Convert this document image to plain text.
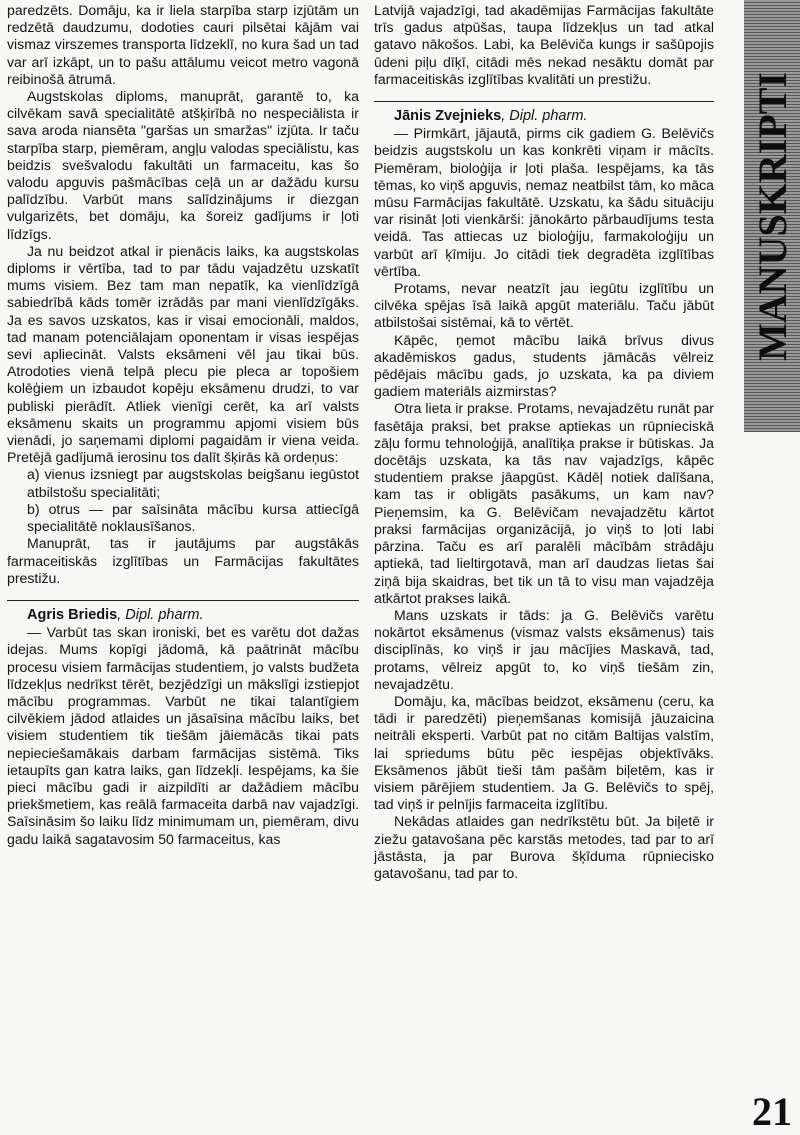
paredzēts. Domāju, ka ir liela starpība starp izjūtām un redzētā daudzumu, dodoties cauri pilsētai kājām vai vismaz virszemes transporta līdzeklī, no kura šad un tad var arī izkāpt, un to pašu attālumu veicot metro vagonā reibinošā ātrumā.

Augstskolas diploms, manuprāt, garantē to, ka cilvēkam savā specialitātē atšķirībā no nespeciālista ir sava aroda niansēta "garšas un smaržas" izjūta. Ir taču starpība starp, piemēram, angļu valodas speciālistu, kas beidzis svešvalodu fakultāti un farmaceitu, kas šo valodu apguvis pašmācības ceļā un ar dažādu kursu palīdzību. Varbūt mans salīdzinājums ir diezgan vulgarizēts, bet domāju, ka šoreiz gadījums ir ļoti līdzīgs.

Ja nu beidzot atkal ir pienācis laiks, ka augstskolas diploms ir vērtība, tad to par tādu vajadzētu uzskatīt mums visiem. Bez tam man nepatīk, ka vienlīdzīgā sabiedrībā kāds tomēr izrādās par mani vienlīdzīgāks. Ja es savos uzskatos, kas ir visai emocionāli, maldos, tad manam potenciālajam oponentam ir visas iespējas sevi apliecināt. Valsts eksāmeni vēl jau tikai būs. Atrodoties vienā telpā plecu pie pleca ar topošiem kolēģiem un izbaudot kopēju eksāmenu drudzi, to var publiski pierādīt. Atliek vienīgi cerēt, ka arī valsts eksāmenu skaits un programmu apjomi visiem būs vienādi, jo saņemami diplomi pagaidām ir viena veida. Pretējā gadījumā ierosinu tos dalīt šķirās kā ordeņus:

a) vienus izsniegt par augstskolas beigšanu iegūstot atbilstošu specialitāti;

b) otrus — par saīsināta mācību kursa attiecīgā specialitātē noklausīšanos.

Manuprāt, tas ir jautājums par augstākās farmaceitiskās izglītības un Farmācijas fakultātes prestižu.

Agris Briedis, Dipl. pharm.

— Varbūt tas skan ironiski, bet es varētu dot dažas idejas. Mums kopīgi jādomā, kā paātrināt mācību procesu visiem farmācijas studentiem, jo valsts budžeta līdzekļus nedrīkst tērēt, bezjēdzīgi un mākslīgi izstiepjot mācību programmas. Varbūt ne tikai talantīgiem cilvēkiem jādod atlaides un jāsaīsina mācību laiks, bet visiem studentiem tik tiešām jāiemācās tikai pats nepieciešamākais darbam farmācijas sistēmā. Tiks ietaupīts gan katra laiks, gan līdzekļi. Iespējams, ka šie pieci mācību gadi ir aizpildīti ar dažādiem mācību priekšmetiem, kas reālā farmaceita darbā nav vajadzīgi. Saīsināsim šo laiku līdz minimumam un, piemēram, divu gadu laikā sagatavosim 50 farmaceitus, kas

Latvijā vajadzīgi, tad akadēmijas Farmācijas fakultāte trīs gadus atpūšas, taupa līdzekļus un tad atkal gatavo nākošos. Labi, ka Belēviča kungs ir sašūpojis ūdeni piļu dīķī, citādi mēs nekad nesāktu domāt par farmaceitiskās izglītības kvalitāti un prestižu.

Jānis Zvejnieks, Dipl. pharm.

— Pirmkārt, jājautā, pirms cik gadiem G. Belēvičs beidzis augstskolu un kas konkrēti viņam ir mācīts. Piemēram, bioloģija ir ļoti plaša. Iespējams, ka tās tēmas, ko viņš apguvis, nemaz neatbilst tām, ko māca mūsu Farmācijas fakultātē. Uzskatu, ka šādu situāciju var risināt ļoti vienkārši: jānokārto pārbaudījums testa veidā. Tas attiecas uz bioloģiju, farmakoloģiju un varbūt arī ķīmiju. Jo citādi tiek degradēta izglītības vērtība.

Protams, nevar neatzīt jau iegūtu izglītību un cilvēka spējas īsā laikā apgūt materiālu. Taču jābūt atbilstošai sistēmai, kā to vērtēt.

Kāpēc, ņemot mācību laikā brīvus divus akadēmiskos gadus, students jāmācās vēlreiz pēdējais mācību gads, jo uzskata, ka pa diviem gadiem materiāls aizmirstas?

Otra lieta ir prakse. Protams, nevajadzētu runāt par fasētāja praksi, bet prakse aptiekas un rūpnieciskā zāļu formu tehnoloģijā, analītiķa prakse ir būtiskas. Ja docētājs uzskata, ka tās nav vajadzīgs, kāpēc studentiem prakse jāapgūst. Kādēļ notiek dalīšana, kam tas ir obligāts pasākums, un kam nav? Pieņemsim, ka G. Belēvičam nevajadzētu kārtot praksi farmācijas organizācijā, jo viņš to ļoti labi pārzina. Taču es arī paralēli mācībām strādāju aptiekā, tad lieltirgotavā, man arī daudzas lietas šai ziņā bija skaidras, bet tik un tā to visu man vajadzēja atkārtot prakses laikā.

Mans uzskats ir tāds: ja G. Belēvičs varētu nokārtot eksāmenus (vismaz valsts eksāmenus) tais disciplīnās, ko viņš ir jau mācījies Maskavā, tad, protams, vēlreiz apgūt to, ko viņš tiešām zin, nevajadzētu.

Domāju, ka, mācības beidzot, eksāmenu (ceru, ka tādi ir paredzēti) pieņemšanas komisijā jāuzaicina neitrāli eksperti. Varbūt pat no citām Baltijas valstīm, lai spriedums būtu pēc iespējas objektīvāks. Eksāmenos jābūt tieši tām pašām biļetēm, kas ir visiem pārējiem studentiem. Ja G. Belēvičs to spēj, tad viņš ir pelnījis farmaceita izglītību.

Nekādas atlaides gan nedrīkstētu būt. Ja biļetē ir ziežu gatavošana pēc karstās metodes, tad par to arī jāstāsta, ja par Burova šķīduma rūpniecisko gatavošanu, tad par to.

MANUSKRIPTI
21
